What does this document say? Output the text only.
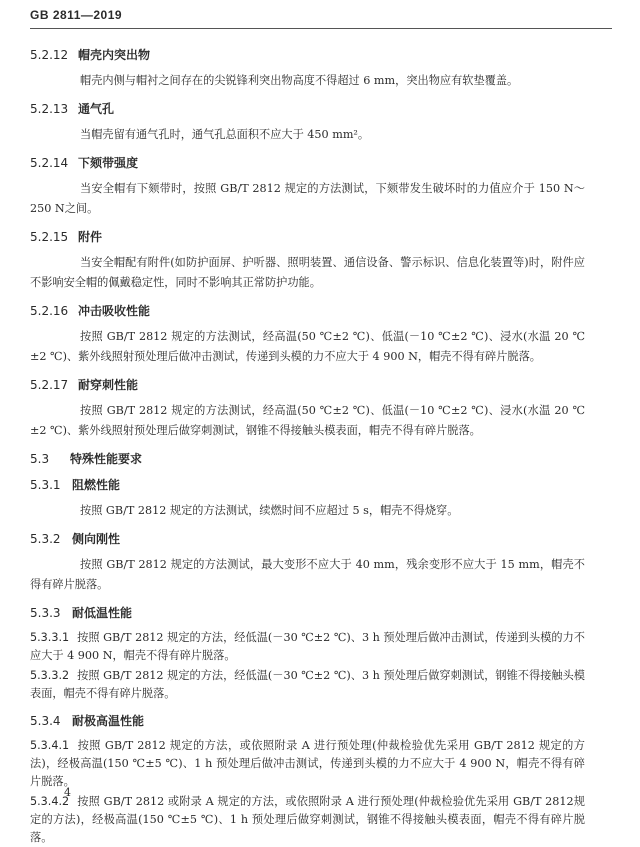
GB 2811—2019
5.2.12 帽壳内突出物
帽壳内侧与帽衬之间存在的尖锐锋利突出物高度不得超过 6 mm，突出物应有软垫覆盖。
5.2.13 通气孔
当帽壳留有通气孔时，通气孔总面积不应大于 450 mm²。
5.2.14 下颏带强度
当安全帽有下颏带时，按照 GB/T 2812 规定的方法测试，下颏带发生破坏时的力值应介于 150 N～250 N之间。
5.2.15 附件
当安全帽配有附件(如防护面屏、护听器、照明装置、通信设备、警示标识、信息化装置等)时，附件应不影响安全帽的佩戴稳定性，同时不影响其正常防护功能。
5.2.16 冲击吸收性能
按照 GB/T 2812 规定的方法测试，经高温(50 ℃±2 ℃)、低温(－10 ℃±2 ℃)、浸水(水温 20 ℃±2 ℃)、紫外线照射预处理后做冲击测试，传递到头模的力不应大于 4 900 N，帽壳不得有碎片脱落。
5.2.17 耐穿刺性能
按照 GB/T 2812 规定的方法测试，经高温(50 ℃±2 ℃)、低温(－10 ℃±2 ℃)、浸水(水温 20 ℃±2 ℃)、紫外线照射预处理后做穿刺测试，钢锥不得接触头模表面，帽壳不得有碎片脱落。
5.3 特殊性能要求
5.3.1 阻燃性能
按照 GB/T 2812 规定的方法测试，续燃时间不应超过 5 s，帽壳不得烧穿。
5.3.2 侧向刚性
按照 GB/T 2812 规定的方法测试，最大变形不应大于 40 mm，残余变形不应大于 15 mm，帽壳不得有碎片脱落。
5.3.3 耐低温性能
5.3.3.1 按照 GB/T 2812 规定的方法，经低温(－30 ℃±2 ℃)、3 h 预处理后做冲击测试，传递到头模的力不应大于 4 900 N，帽壳不得有碎片脱落。
5.3.3.2 按照 GB/T 2812 规定的方法，经低温(－30 ℃±2 ℃)、3 h 预处理后做穿刺测试，钢锥不得接触头模表面，帽壳不得有碎片脱落。
5.3.4 耐极高温性能
5.3.4.1 按照 GB/T 2812 规定的方法，或依照附录 A 进行预处理(仲裁检验优先采用 GB/T 2812 规定的方法)，经极高温(150 ℃±5 ℃)、1 h 预处理后做冲击测试，传递到头模的力不应大于 4 900 N，帽壳不得有碎片脱落。
5.3.4.2 按照 GB/T 2812 或附录 A 规定的方法，或依照附录 A 进行预处理(仲裁检验优先采用 GB/T 2812规定的方法)，经极高温(150 ℃±5 ℃)、1 h 预处理后做穿刺测试，钢锥不得接触头模表面，帽壳不得有碎片脱落。
4
